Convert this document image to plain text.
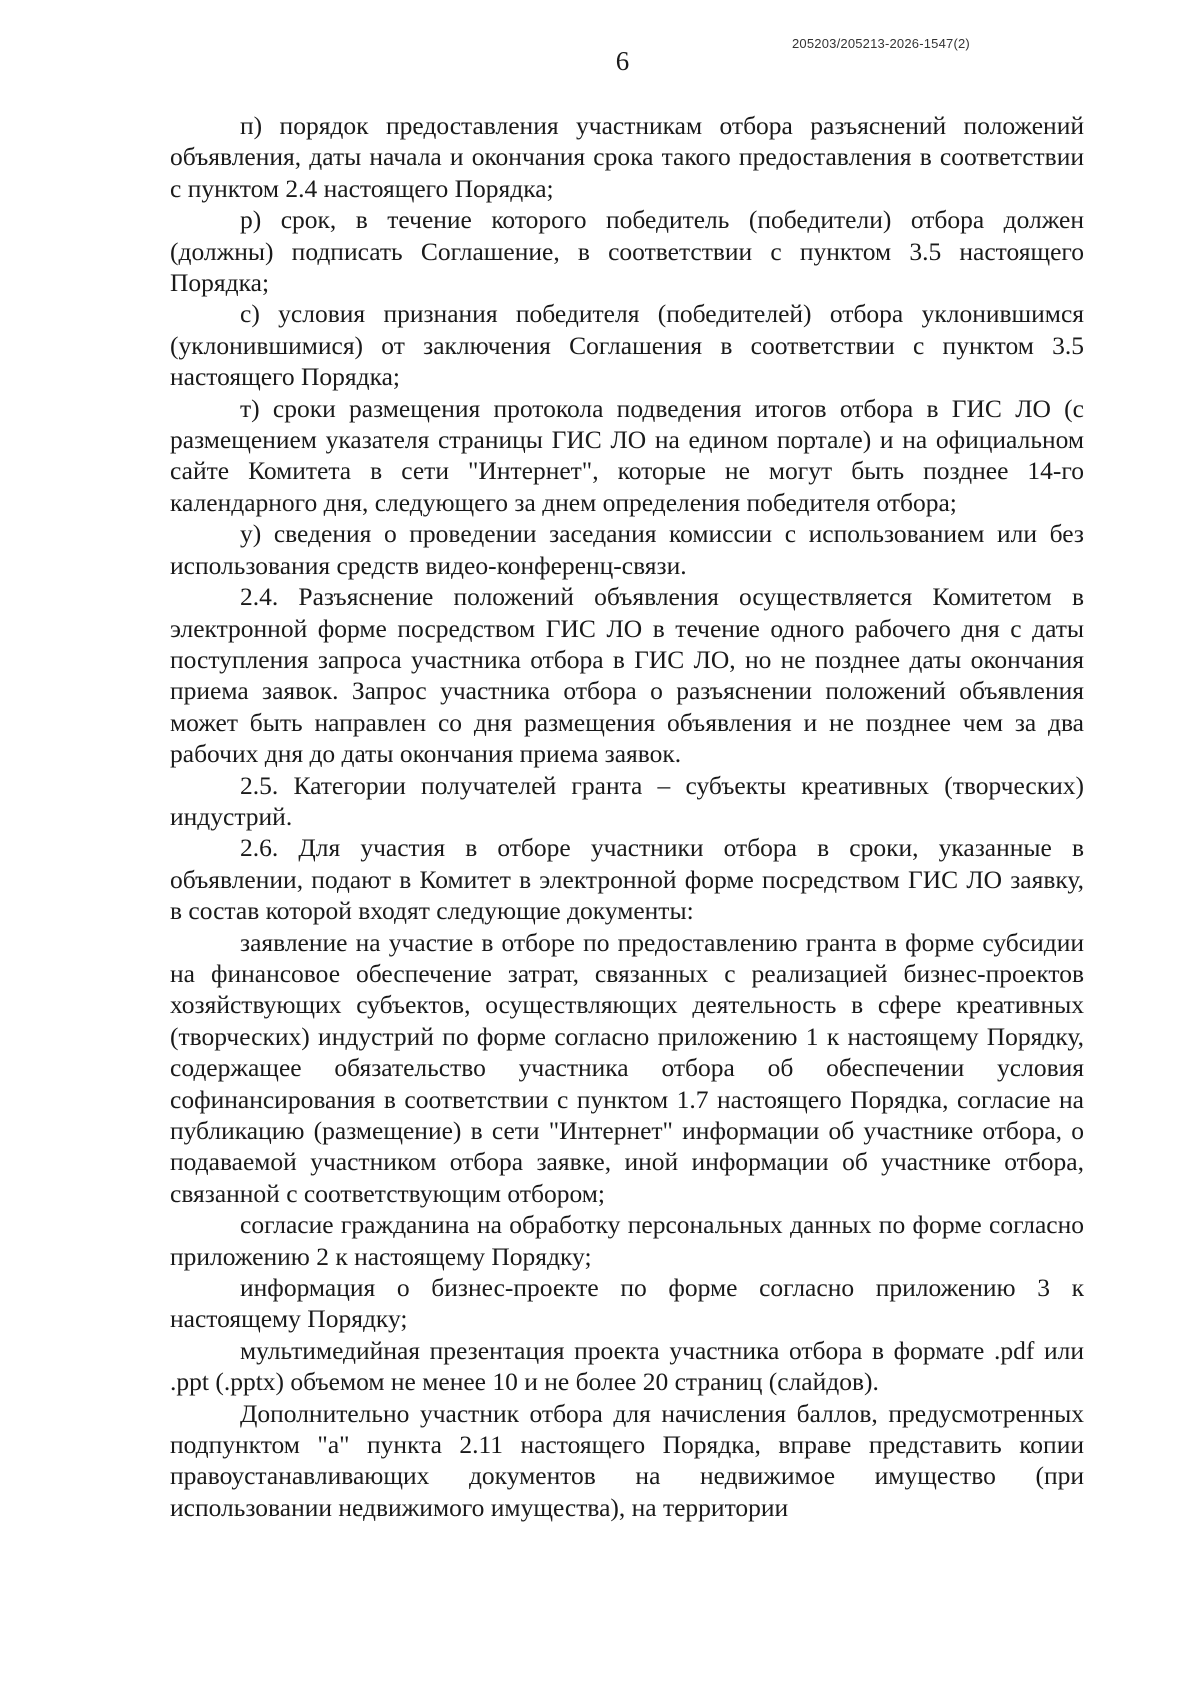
205203/205213-2026-1547(2)
6

п) порядок предоставления участникам отбора разъяснений положений объявления, даты начала и окончания срока такого предоставления в соответствии с пунктом 2.4 настоящего Порядка;

р) срок, в течение которого победитель (победители) отбора должен (должны) подписать Соглашение, в соответствии с пунктом 3.5 настоящего Порядка;

с) условия признания победителя (победителей) отбора уклонившимся (уклонившимися) от заключения Соглашения в соответствии с пунктом 3.5 настоящего Порядка;

т) сроки размещения протокола подведения итогов отбора в ГИС ЛО (с размещением указателя страницы ГИС ЛО на едином портале) и на официальном сайте Комитета в сети "Интернет", которые не могут быть позднее 14-го календарного дня, следующего за днем определения победителя отбора;

у) сведения о проведении заседания комиссии с использованием или без использования средств видео-конференц-связи.

2.4. Разъяснение положений объявления осуществляется Комитетом в электронной форме посредством ГИС ЛО в течение одного рабочего дня с даты поступления запроса участника отбора в ГИС ЛО, но не позднее даты окончания приема заявок. Запрос участника отбора о разъяснении положений объявления может быть направлен со дня размещения объявления и не позднее чем за два рабочих дня до даты окончания приема заявок.

2.5. Категории получателей гранта – субъекты креативных (творческих) индустрий.

2.6. Для участия в отборе участники отбора в сроки, указанные в объявлении, подают в Комитет в электронной форме посредством ГИС ЛО заявку, в состав которой входят следующие документы:

заявление на участие в отборе по предоставлению гранта в форме субсидии на финансовое обеспечение затрат, связанных с реализацией бизнес-проектов хозяйствующих субъектов, осуществляющих деятельность в сфере креативных (творческих) индустрий по форме согласно приложению 1 к настоящему Порядку, содержащее обязательство участника отбора об обеспечении условия софинансирования в соответствии с пунктом 1.7 настоящего Порядка, согласие на публикацию (размещение) в сети "Интернет" информации об участнике отбора, о подаваемой участником отбора заявке, иной информации об участнике отбора, связанной с соответствующим отбором;

согласие гражданина на обработку персональных данных по форме согласно приложению 2 к настоящему Порядку;

информация о бизнес-проекте по форме согласно приложению 3 к настоящему Порядку;

мультимедийная презентация проекта участника отбора в формате .pdf или .ppt (.pptx) объемом не менее 10 и не более 20 страниц (слайдов).

Дополнительно участник отбора для начисления баллов, предусмотренных подпунктом "а" пункта 2.11 настоящего Порядка, вправе представить копии правоустанавливающих документов на недвижимое имущество (при использовании недвижимого имущества), на территории
